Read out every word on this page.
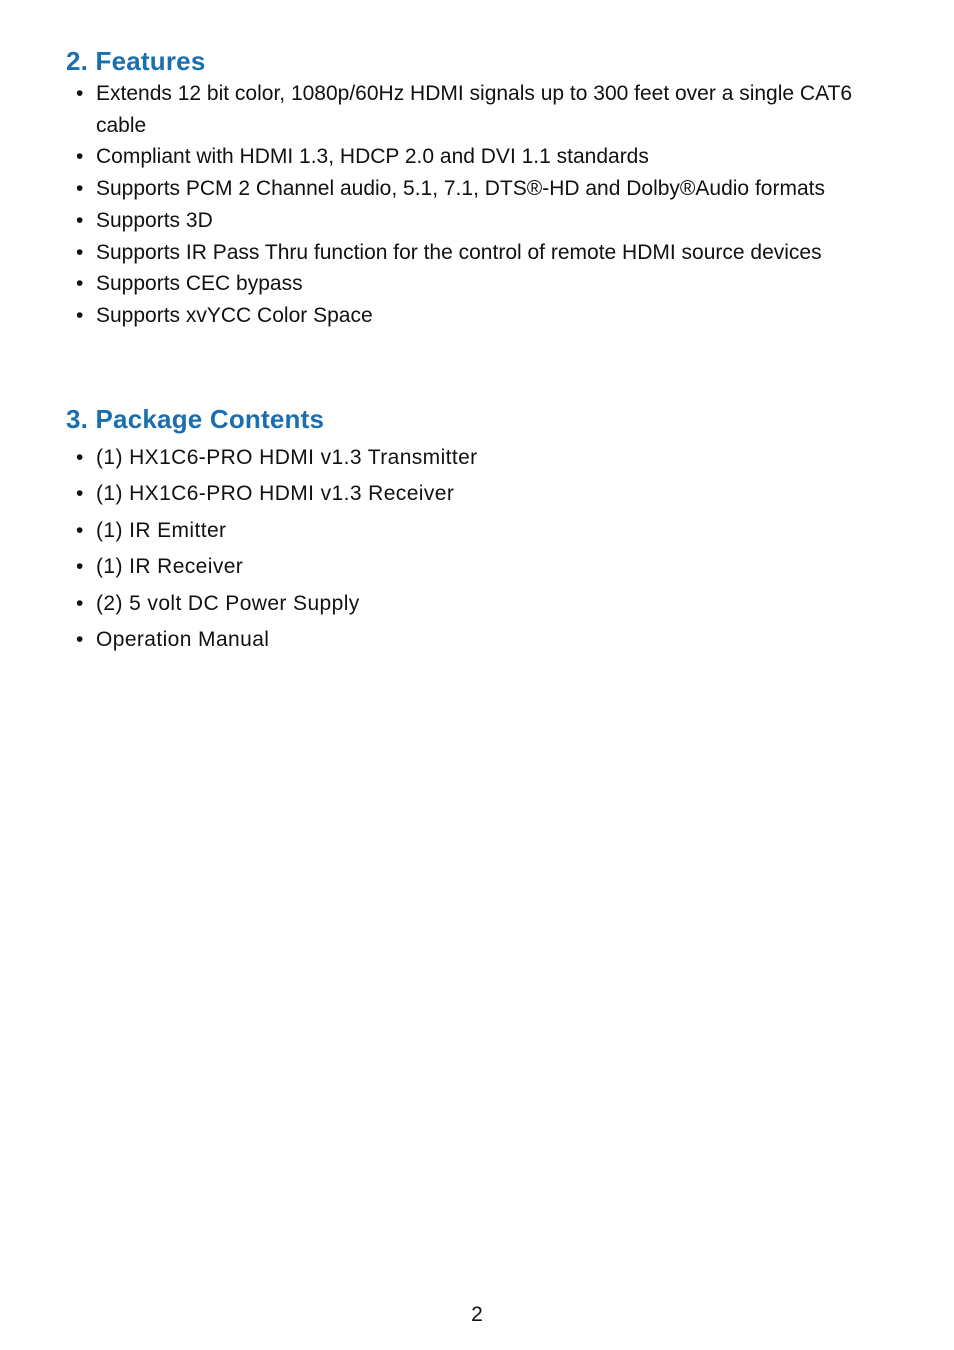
2. Features
• Extends 12 bit color, 1080p/60Hz HDMI signals up to 300 feet over a single CAT6 cable
• Compliant with HDMI 1.3, HDCP 2.0 and DVI 1.1 standards
• Supports PCM 2 Channel audio, 5.1, 7.1, DTS®-HD and Dolby®Audio formats
• Supports 3D
• Supports IR Pass Thru function for the control of remote HDMI source devices
• Supports CEC bypass
• Supports xvYCC Color Space
3. Package Contents
• (1) HX1C6-PRO HDMI v1.3 Transmitter
• (1) HX1C6-PRO HDMI v1.3 Receiver
• (1) IR Emitter
• (1) IR Receiver
• (2) 5 volt DC Power Supply
• Operation Manual
2
